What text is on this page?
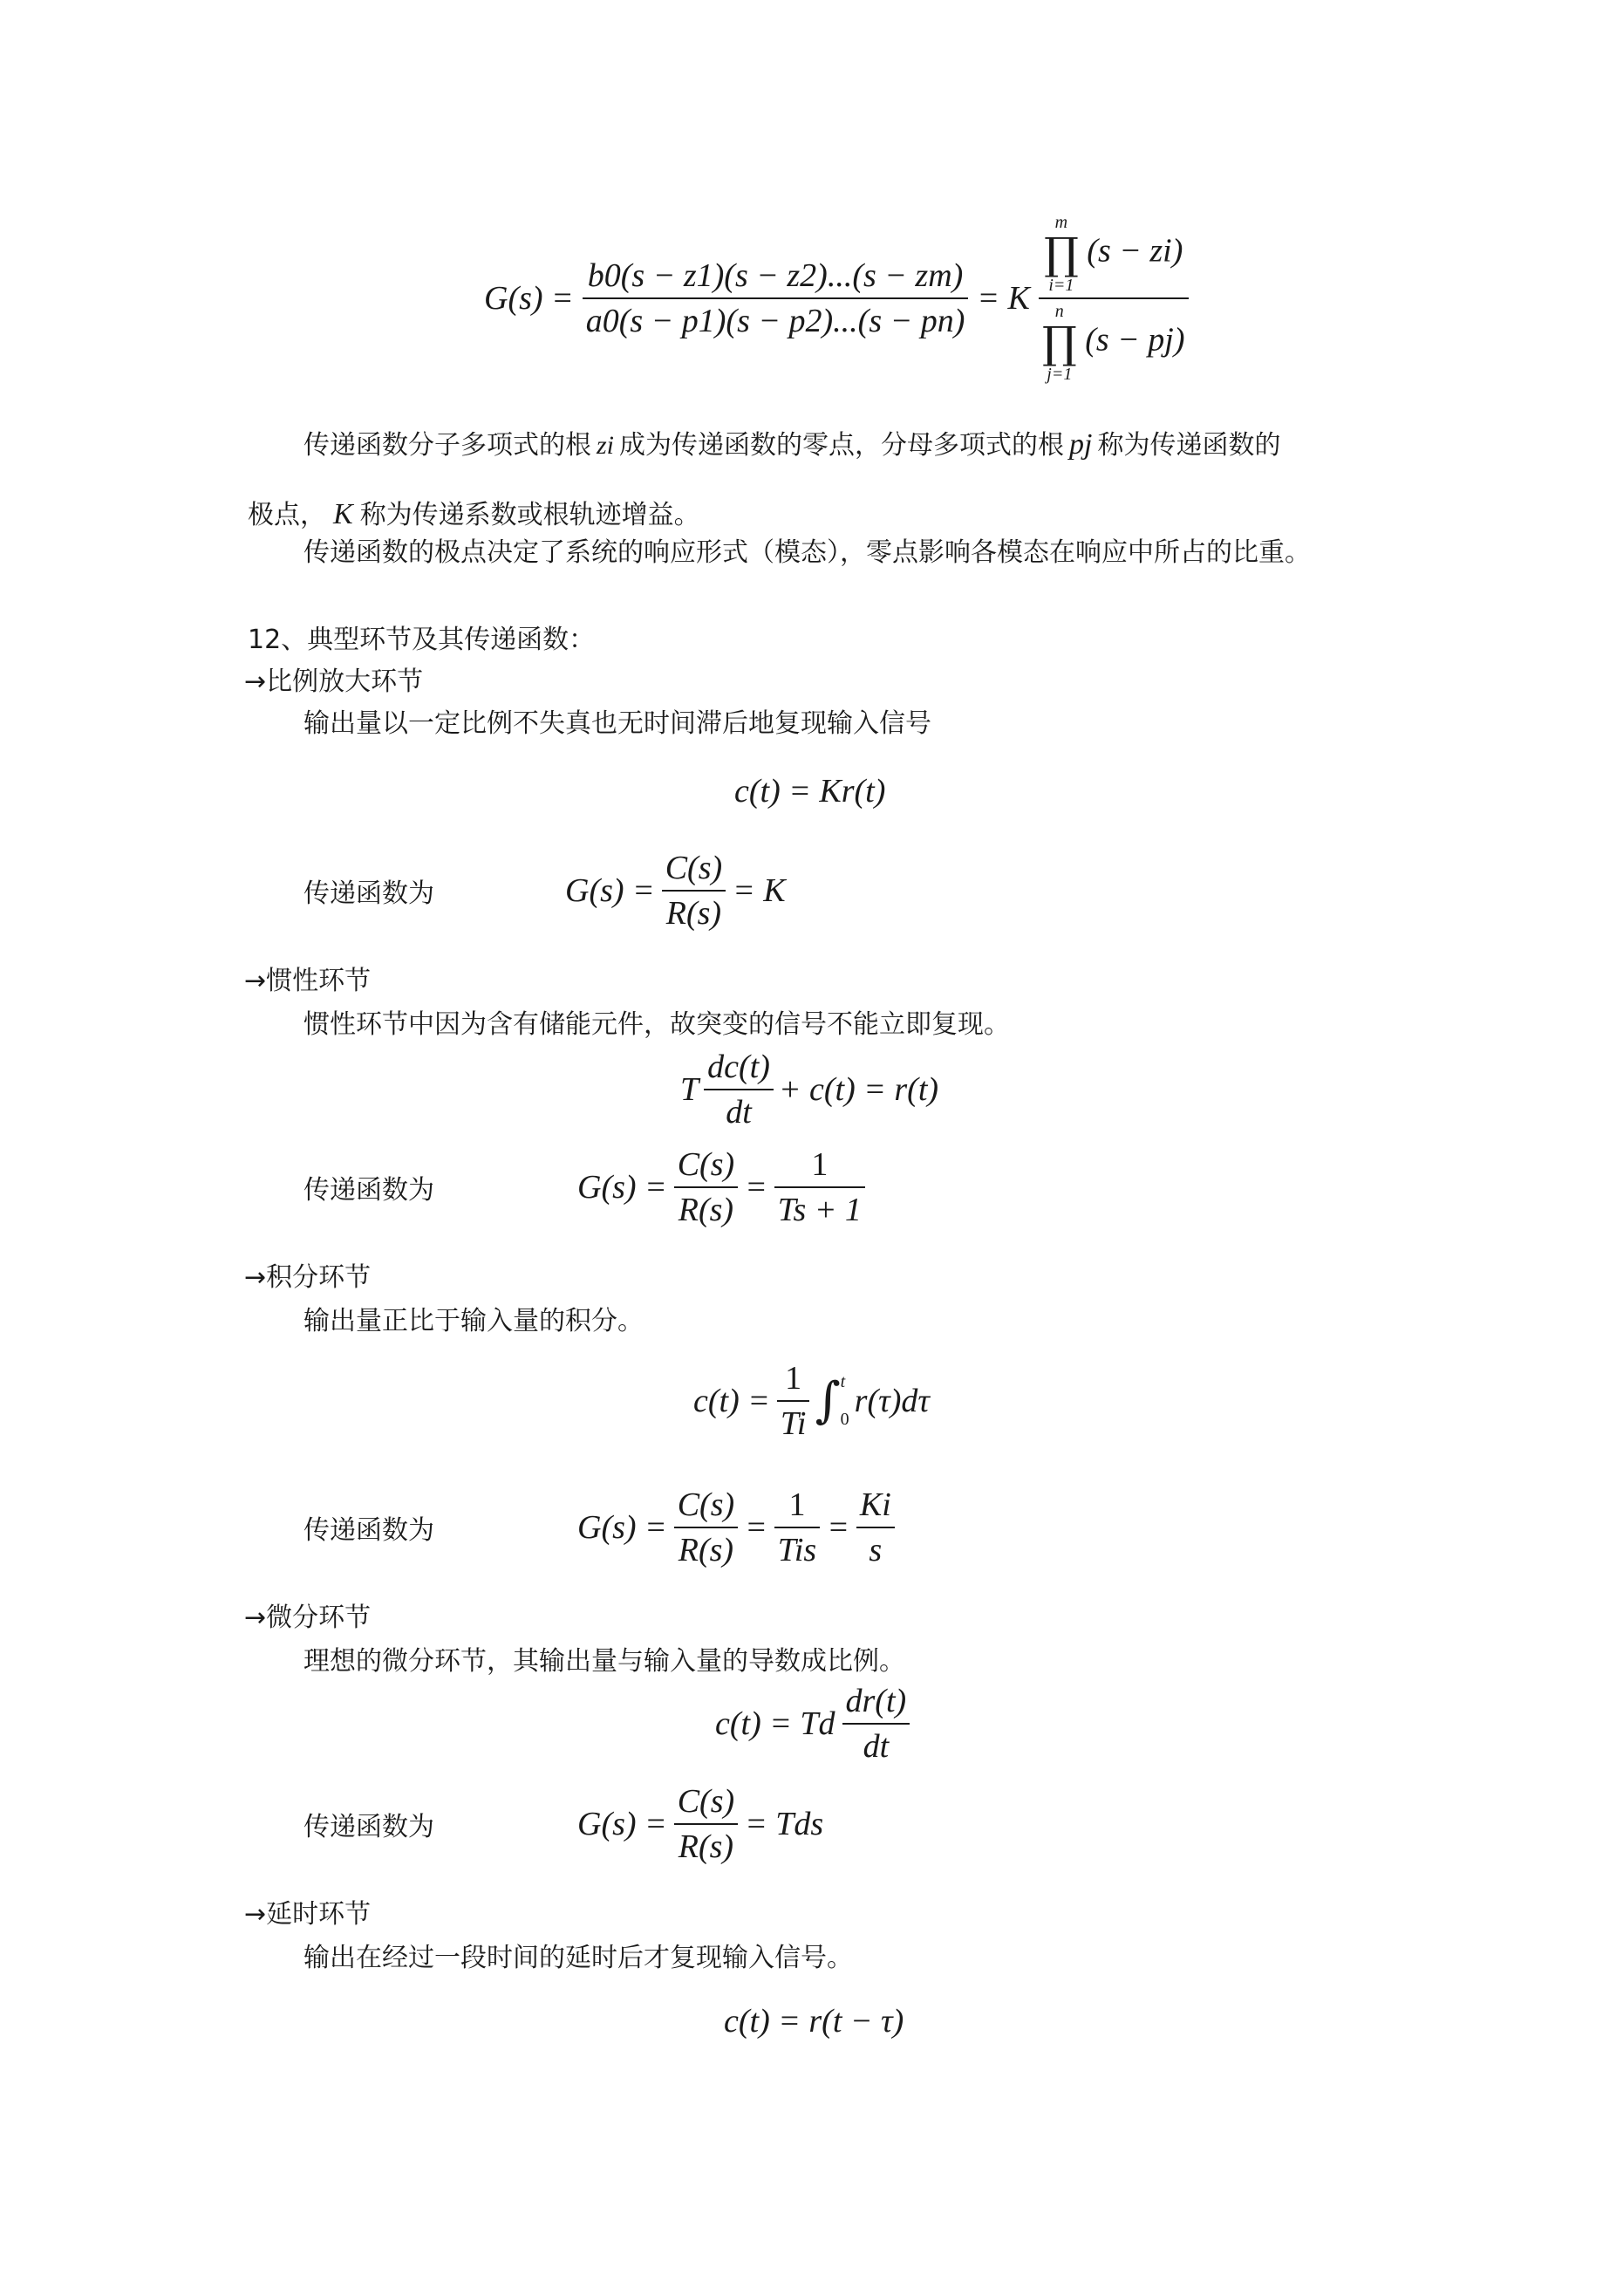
$G(s) = \frac{b0(s - z1)(s - z2)...(s - zm)}{a0(s - p1)(s - p2)...(s - pn)} = K$ m
∏
i=1
(s − zi)
n
∏
j=1
(s − pj)
传递函数分子多项式的根 zi 成为传递函数的零点，分母多项式的根 pj 称为传递函数的
极点， K 称为传递系数或根轨迹增益。
传递函数的极点决定了系统的响应形式（模态），零点影响各模态在响应中所占的比重。
12、典型环节及其传递函数：
→比例放大环节
输出量以一定比例不失真也无时间滞后地复现输入信号
c(t) = Kr(t)
传递函数为	$G(s) = \frac{C(s)}{R(s)} = K$
→惯性环节
惯性环节中因为含有储能元件，故突变的信号不能立即复现。
T $\frac{dc(t)}{dt} + c(t) = r(t)$
传递函数为	$G(s) = \frac{C(s)}{R(s)} = \frac{1}{Ts + 1}$
→积分环节
输出量正比于输入量的积分。
$c(t) = \frac{1}{Ti}$ ∫ t
0 r(τ)dτ
传递函数为	$G(s) = \frac{C(s)}{R(s)} = \frac{1}{\text{Tis}} = \frac{Ki}{s}$
→微分环节
理想的微分环节，其输出量与输入量的导数成比例。
c(t) = Td $\frac{dr(t)}{dt}$
传递函数为	$G(s) = \frac{C(s)}{R(s)}$ = Tds
→延时环节
输出在经过一段时间的延时后才复现输入信号。
c(t) = r(t − τ)
